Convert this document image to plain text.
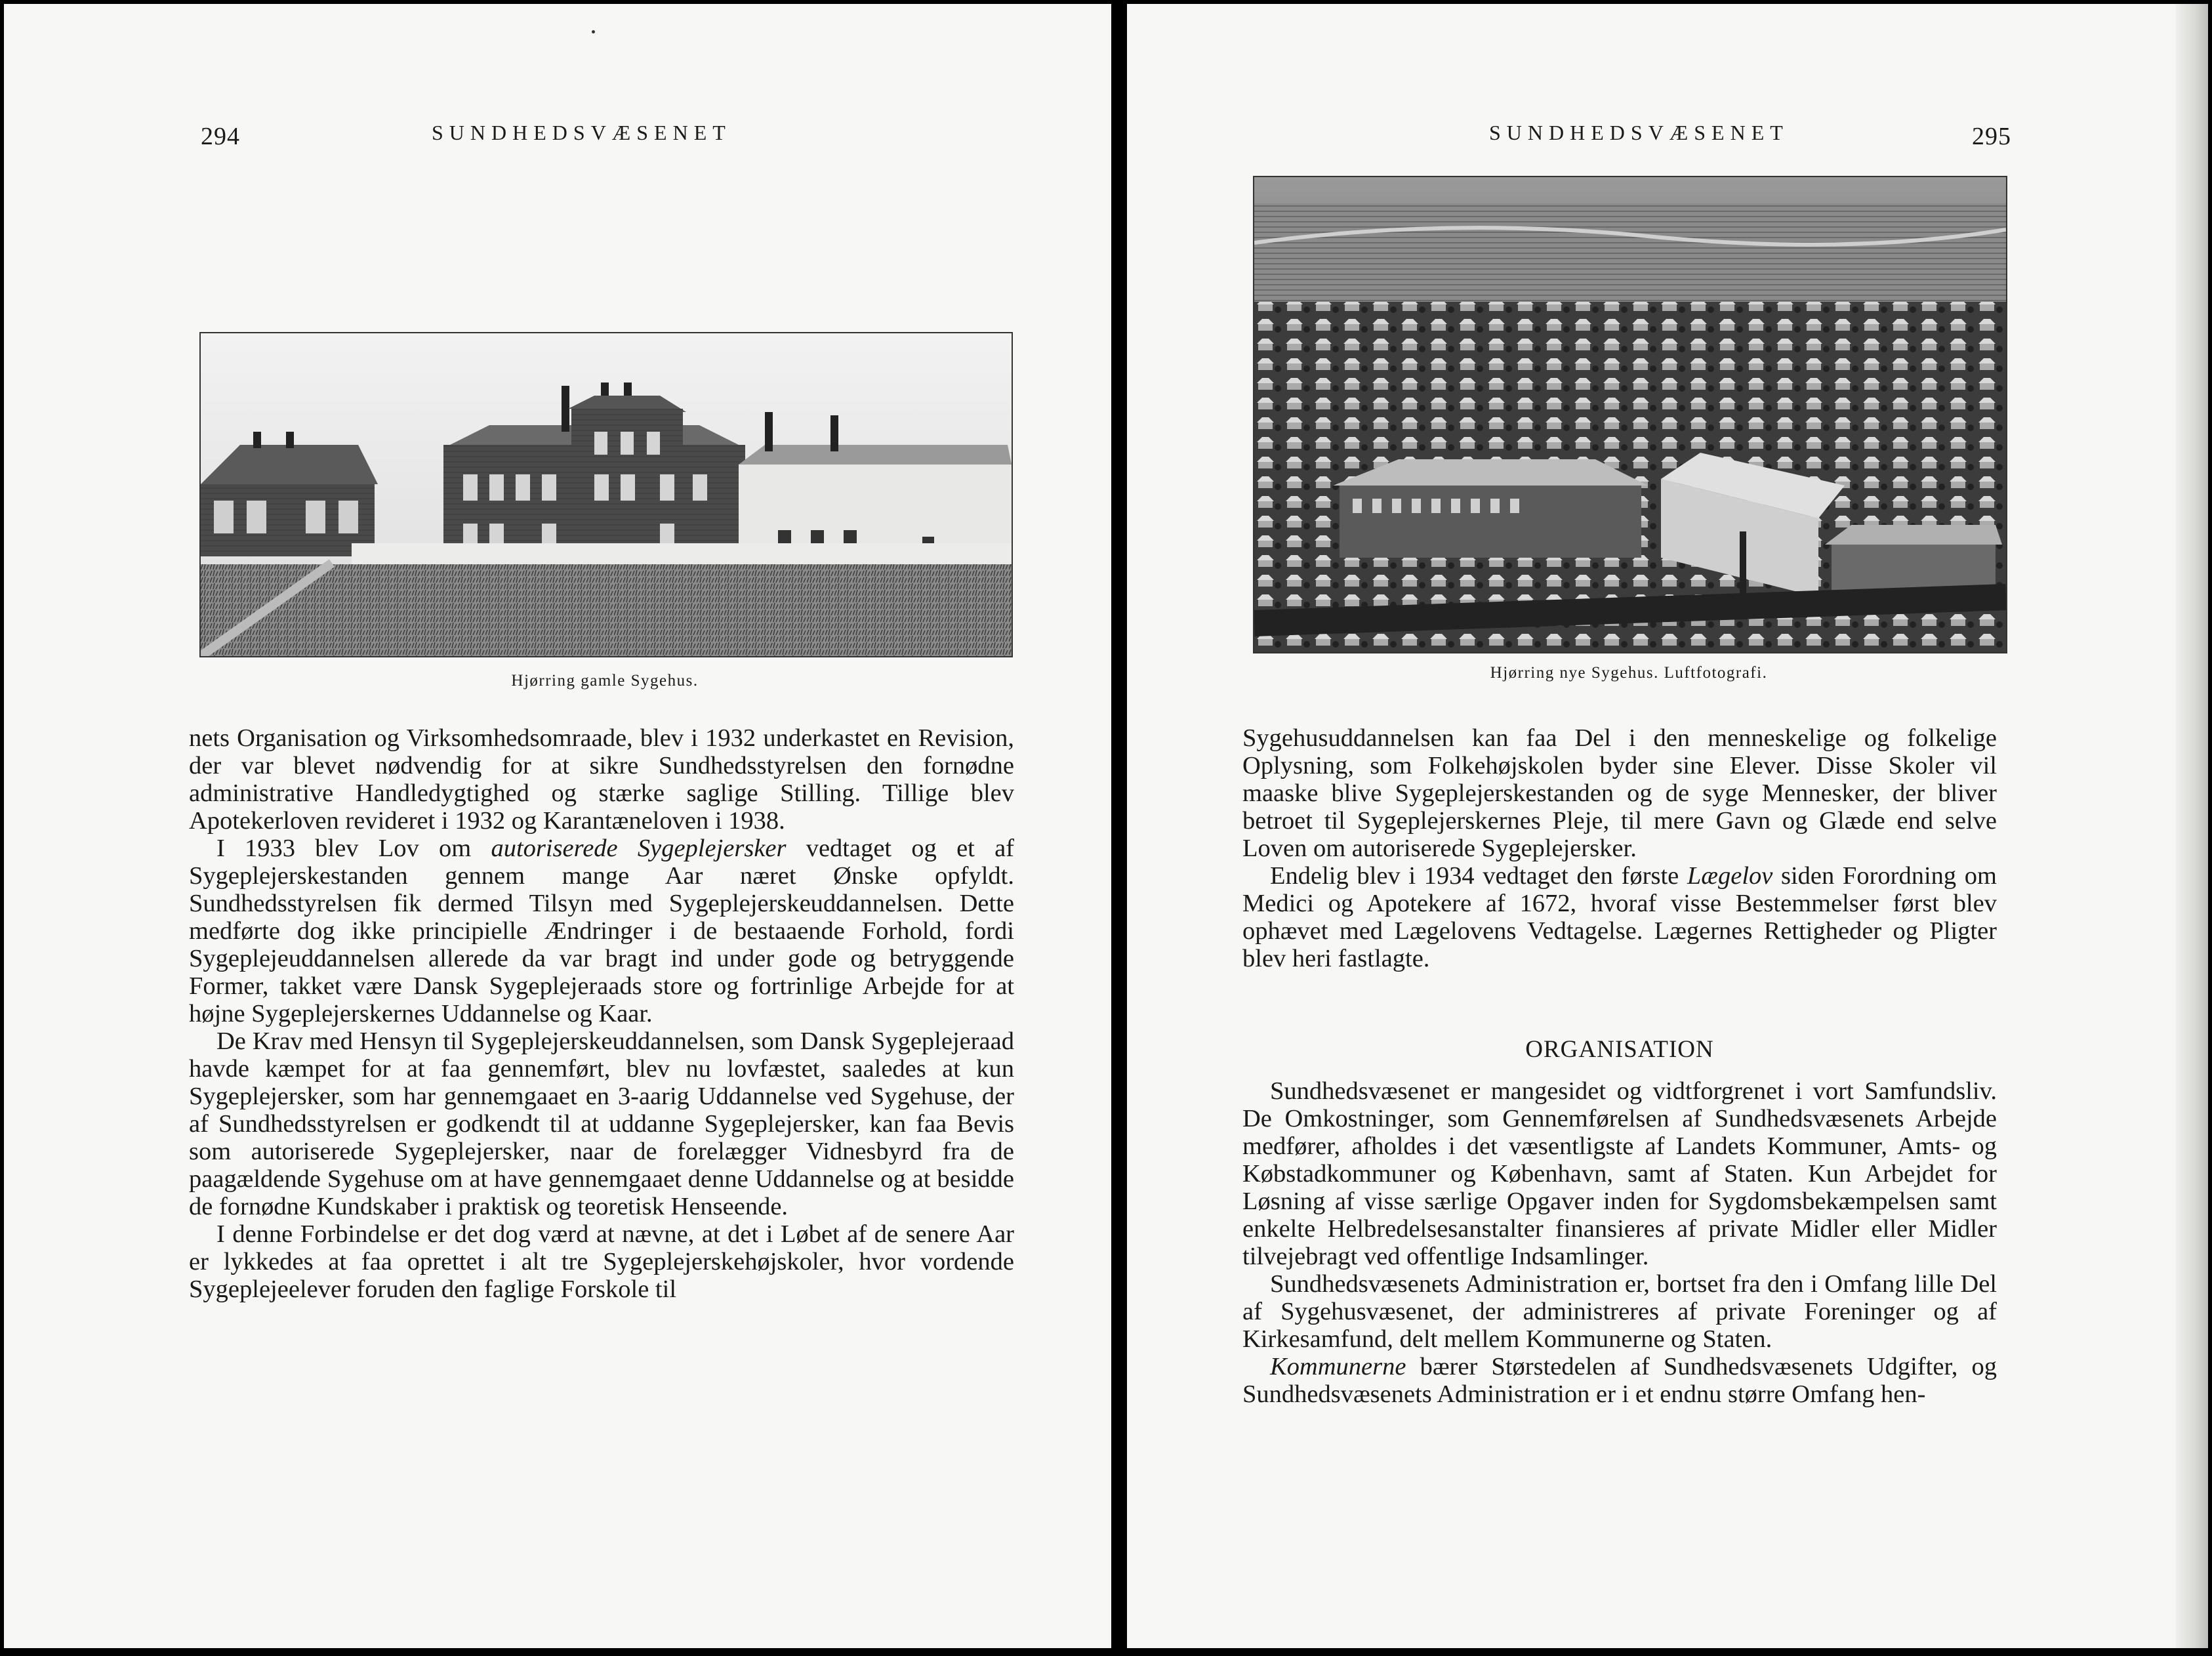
294	SUNDHEDSVÆSENET
Hjørring gamle Sygehus.

nets Organisation og Virksomhedsomraade, blev i 1932 underkastet en Revision, der var blevet nødvendig for at sikre Sundhedsstyrelsen den fornødne administrative Handledygtighed og stærke saglige Stilling. Tillige blev Apotekerloven revideret i 1932 og Karantæneloven i 1938.

I 1933 blev Lov om autoriserede Sygeplejersker vedtaget og et af Sygeplejerskestanden gennem mange Aar næret Ønske opfyldt. Sundhedsstyrelsen fik dermed Tilsyn med Sygeplejerskeuddannelsen. Dette medførte dog ikke principielle Ændringer i de bestaaende Forhold, fordi Sygeplejeuddannelsen allerede da var bragt ind under gode og betryggende Former, takket være Dansk Sygeplejeraads store og fortrinlige Arbejde for at højne Sygeplejerskernes Uddannelse og Kaar.

De Krav med Hensyn til Sygeplejerskeuddannelsen, som Dansk Sygeplejeraad havde kæmpet for at faa gennemført, blev nu lovfæstet, saaledes at kun Sygeplejersker, som har gennemgaaet en 3-aarig Uddannelse ved Sygehuse, der af Sundhedsstyrelsen er godkendt til at uddanne Sygeplejersker, kan faa Bevis som autoriserede Sygeplejersker, naar de forelægger Vidnesbyrd fra de paagældende Sygehuse om at have gennemgaaet denne Uddannelse og at besidde de fornødne Kundskaber i praktisk og teoretisk Henseende.

I denne Forbindelse er det dog værd at nævne, at det i Løbet af de senere Aar er lykkedes at faa oprettet i alt tre Sygeplejerskehøjskoler, hvor vordende Sygeplejeelever foruden den faglige Forskole til

SUNDHEDSVÆSENET	295
Hjørring nye Sygehus. Luftfotografi.

Sygehusuddannelsen kan faa Del i den menneskelige og folkelige Oplysning, som Folkehøjskolen byder sine Elever. Disse Skoler vil maaske blive Sygeplejerskestanden og de syge Mennesker, der bliver betroet til Sygeplejerskernes Pleje, til mere Gavn og Glæde end selve Loven om autoriserede Sygeplejersker.

Endelig blev i 1934 vedtaget den første Lægelov siden Forordning om Medici og Apotekere af 1672, hvoraf visse Bestemmelser først blev ophævet med Lægelovens Vedtagelse. Lægernes Rettigheder og Pligter blev heri fastlagte.

ORGANISATION

Sundhedsvæsenet er mangesidet og vidtforgrenet i vort Samfundsliv. De Omkostninger, som Gennemførelsen af Sundhedsvæsenets Arbejde medfører, afholdes i det væsentligste af Landets Kommuner, Amts- og Købstadkommuner og København, samt af Staten. Kun Arbejdet for Løsning af visse særlige Opgaver inden for Sygdomsbekæmpelsen samt enkelte Helbredelsesanstalter finansieres af private Midler eller Midler tilvejebragt ved offentlige Indsamlinger.

Sundhedsvæsenets Administration er, bortset fra den i Omfang lille Del af Sygehusvæsenet, der administreres af private Foreninger og af Kirkesamfund, delt mellem Kommunerne og Staten.

Kommunerne bærer Størstedelen af Sundhedsvæsenets Udgifter, og Sundhedsvæsenets Administration er i et endnu større Omfang hen-
